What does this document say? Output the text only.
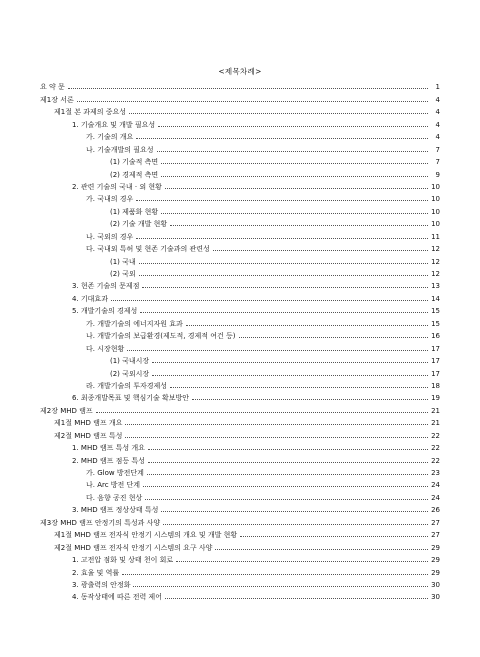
<제목차례>
요 약 문	1
제1장 서론	4
제1절 본 과제의 중요성	4
1. 기술개요 및 개발 필요성	4
가. 기술의 개요	4
나. 기술개발의 필요성	7
(1) 기술적 측면	7
(2) 경제적 측면	9
2. 관련 기술의 국내 · 외 현황	10
가. 국내의 경우	10
(1) 제품화 현황	10
(2) 기술 개발 현황	10
나. 국외의 경우	11
다. 국내외 특허 및 현존 기술과의 관련성	12
(1) 국내	12
(2) 국외	12
3. 현존 기술의 문제점	13
4. 기대효과	14
5. 개발기술의 경제성	15
가. 개발기술의 에너지자원 효과	15
나. 개발기술의 보급환경(제도적, 경제적 여건 등)	16
다. 시장현황	17
(1) 국내시장	17
(2) 국외시장	17
라. 개발기술의 투자경제성	18
6. 최종개발목표 및 핵심기술 확보방안	19
제2장 MHD 램프	21
제1절 MHD 램프 개요	21
제2절 MHD 램프 특성	22
1. MHD 램프 특성 개요	22
2. MHD 램프 점등 특성	22
가. Glow 방전단계	23
나. Arc 방전 단계	24
다. 음향 공진 현상	24
3. MHD 램프 정상상태 특성	26
제3장 MHD 램프 안정기의 특성과 사양	27
제1절 MHD 램프 전자식 안정기 시스템의 개요 및 개발 현황	27
제2절 MHD 램프 전자식 안정기 시스템의 요구 사양	29
1. 고전압 점화 및 상태 천이 회로	29
2. 효율 및 역률	29
3. 광출력의 안정화	30
4. 동작상태에 따른 전력 제어	30
